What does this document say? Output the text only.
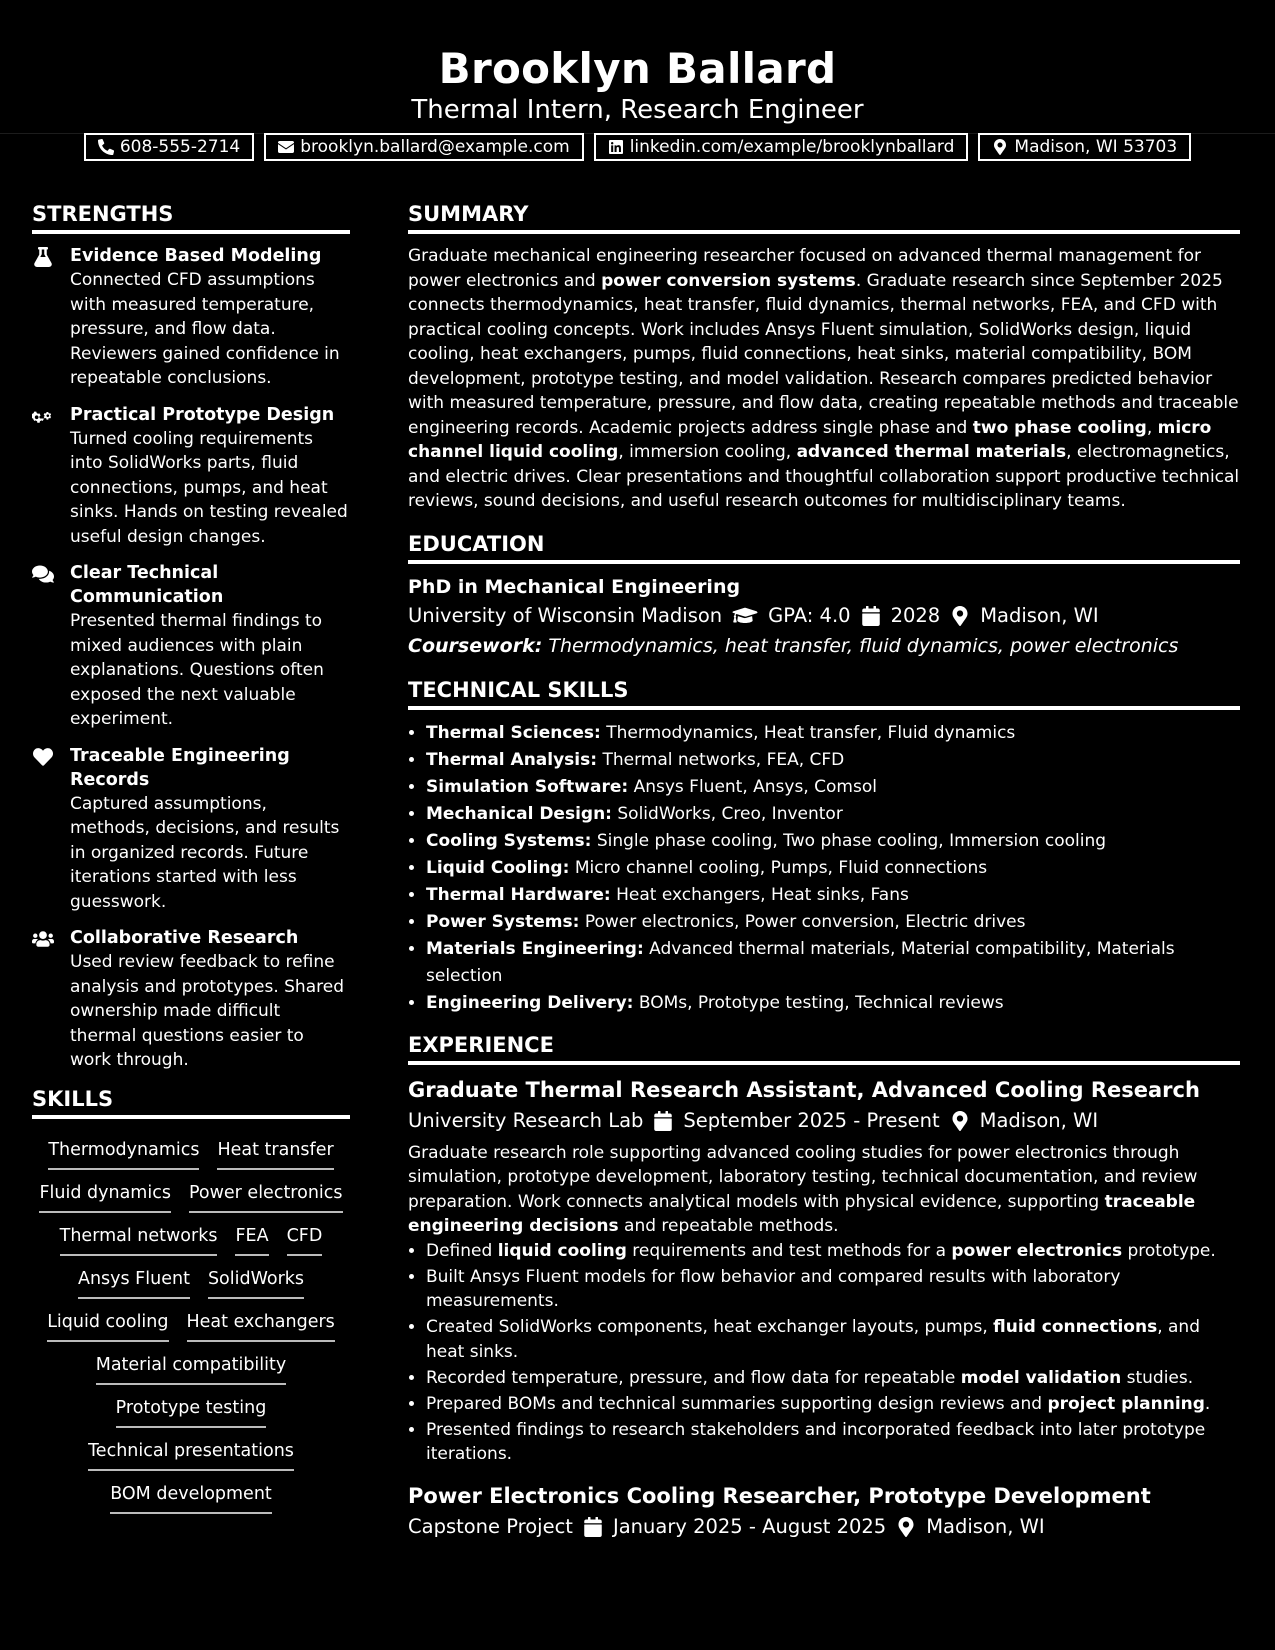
Brooklyn Ballard
Thermal Intern, Research Engineer
608-555-2714	brooklyn.ballard@example.com	linkedin.com/example/brooklynballard	Madison, WI 53703
STRENGTHS
Evidence Based Modeling
Connected CFD assumptions with measured temperature, pressure, and flow data. Reviewers gained confidence in repeatable conclusions.
Practical Prototype Design
Turned cooling requirements into SolidWorks parts, fluid connections, pumps, and heat sinks. Hands on testing revealed useful design changes.
Clear Technical Communication
Presented thermal findings to mixed audiences with plain explanations. Questions often exposed the next valuable experiment.
Traceable Engineering Records
Captured assumptions, methods, decisions, and results in organized records. Future iterations started with less guesswork.
Collaborative Research
Used review feedback to refine analysis and prototypes. Shared ownership made difficult thermal questions easier to work through.
SKILLS
Thermodynamics Heat transfer
Fluid dynamics Power electronics
Thermal networks FEA CFD
Ansys Fluent SolidWorks
Liquid cooling Heat exchangers
Material compatibility
Prototype testing
Technical presentations
BOM development
SUMMARY
Graduate mechanical engineering researcher focused on advanced thermal management for power electronics and power conversion systems. Graduate research since September 2025 connects thermodynamics, heat transfer, fluid dynamics, thermal networks, FEA, and CFD with practical cooling concepts. Work includes Ansys Fluent simulation, SolidWorks design, liquid cooling, heat exchangers, pumps, fluid connections, heat sinks, material compatibility, BOM development, prototype testing, and model validation. Research compares predicted behavior with measured temperature, pressure, and flow data, creating repeatable methods and traceable engineering records. Academic projects address single phase and two phase cooling, micro channel liquid cooling, immersion cooling, advanced thermal materials, electromagnetics, and electric drives. Clear presentations and thoughtful collaboration support productive technical reviews, sound decisions, and useful research outcomes for multidisciplinary teams.
EDUCATION
PhD in Mechanical Engineering
University of Wisconsin Madison GPA: 4.0 2028 Madison, WI
Coursework: Thermodynamics, heat transfer, fluid dynamics, power electronics
TECHNICAL SKILLS
• Thermal Sciences: Thermodynamics, Heat transfer, Fluid dynamics
• Thermal Analysis: Thermal networks, FEA, CFD
• Simulation Software: Ansys Fluent, Ansys, Comsol
• Mechanical Design: SolidWorks, Creo, Inventor
• Cooling Systems: Single phase cooling, Two phase cooling, Immersion cooling
• Liquid Cooling: Micro channel cooling, Pumps, Fluid connections
• Thermal Hardware: Heat exchangers, Heat sinks, Fans
• Power Systems: Power electronics, Power conversion, Electric drives
• Materials Engineering: Advanced thermal materials, Material compatibility, Materials selection
• Engineering Delivery: BOMs, Prototype testing, Technical reviews
EXPERIENCE
Graduate Thermal Research Assistant, Advanced Cooling Research
University Research Lab September 2025 - Present Madison, WI
Graduate research role supporting advanced cooling studies for power electronics through simulation, prototype development, laboratory testing, technical documentation, and review preparation. Work connects analytical models with physical evidence, supporting traceable engineering decisions and repeatable methods.
• Defined liquid cooling requirements and test methods for a power electronics prototype.
• Built Ansys Fluent models for flow behavior and compared results with laboratory measurements.
• Created SolidWorks components, heat exchanger layouts, pumps, fluid connections, and heat sinks.
• Recorded temperature, pressure, and flow data for repeatable model validation studies.
• Prepared BOMs and technical summaries supporting design reviews and project planning.
• Presented findings to research stakeholders and incorporated feedback into later prototype iterations.
Power Electronics Cooling Researcher, Prototype Development
Capstone Project January 2025 - August 2025 Madison, WI
